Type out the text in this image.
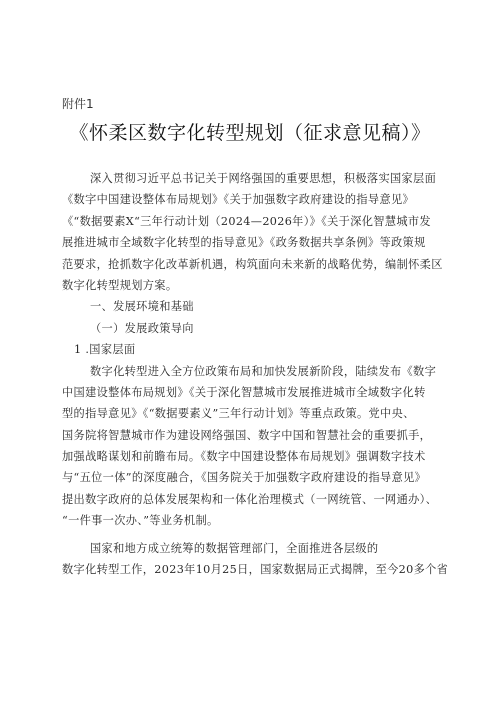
附件1
《怀柔区数字化转型规划（征求意见稿）》
深入贯彻习近平总书记关于网络强国的重要思想，积极落实国家层面
《数字中国建设整体布局规划》《关于加强数字政府建设的指导意见》
《“数据要素X“三年行动计划（2024—2026年）》《关于深化智慧城市发
展推进城市全域数字化转型的指导意见》《政务数据共享条例》等政策规
范要求，抢抓数字化改革新机遇，构筑面向未来新的战略优势，编制怀柔区
数字化转型规划方案。
一、发展环境和基础
（一）发展政策导向
1 .国家层面
数字化转型进入全方位政策布局和加快发展新阶段，陆续发布《数字
中国建设整体布局规划》《关于深化智慧城市发展推进城市全域数字化转
型的指导意见》《“数据要素义”三年行动计划》等重点政策。党中央、
国务院将智慧城市作为建设网络强国、数字中国和智慧社会的重要抓手，
加强战略谋划和前瞻布局。《数字中国建设整体布局规划》强调数字技术
与“五位一体”的深度融合，《国务院关于加强数字政府建设的指导意见》
提出数字政府的总体发展架构和一体化治理模式（一网统管、一网通办）、
“一件事一次办、”等业务机制。
国家和地方成立统筹的数据管理部门，全面推进各层级的
数字化转型工作，2023年10月25日，国家数据局正式揭牌，至今20多个省
